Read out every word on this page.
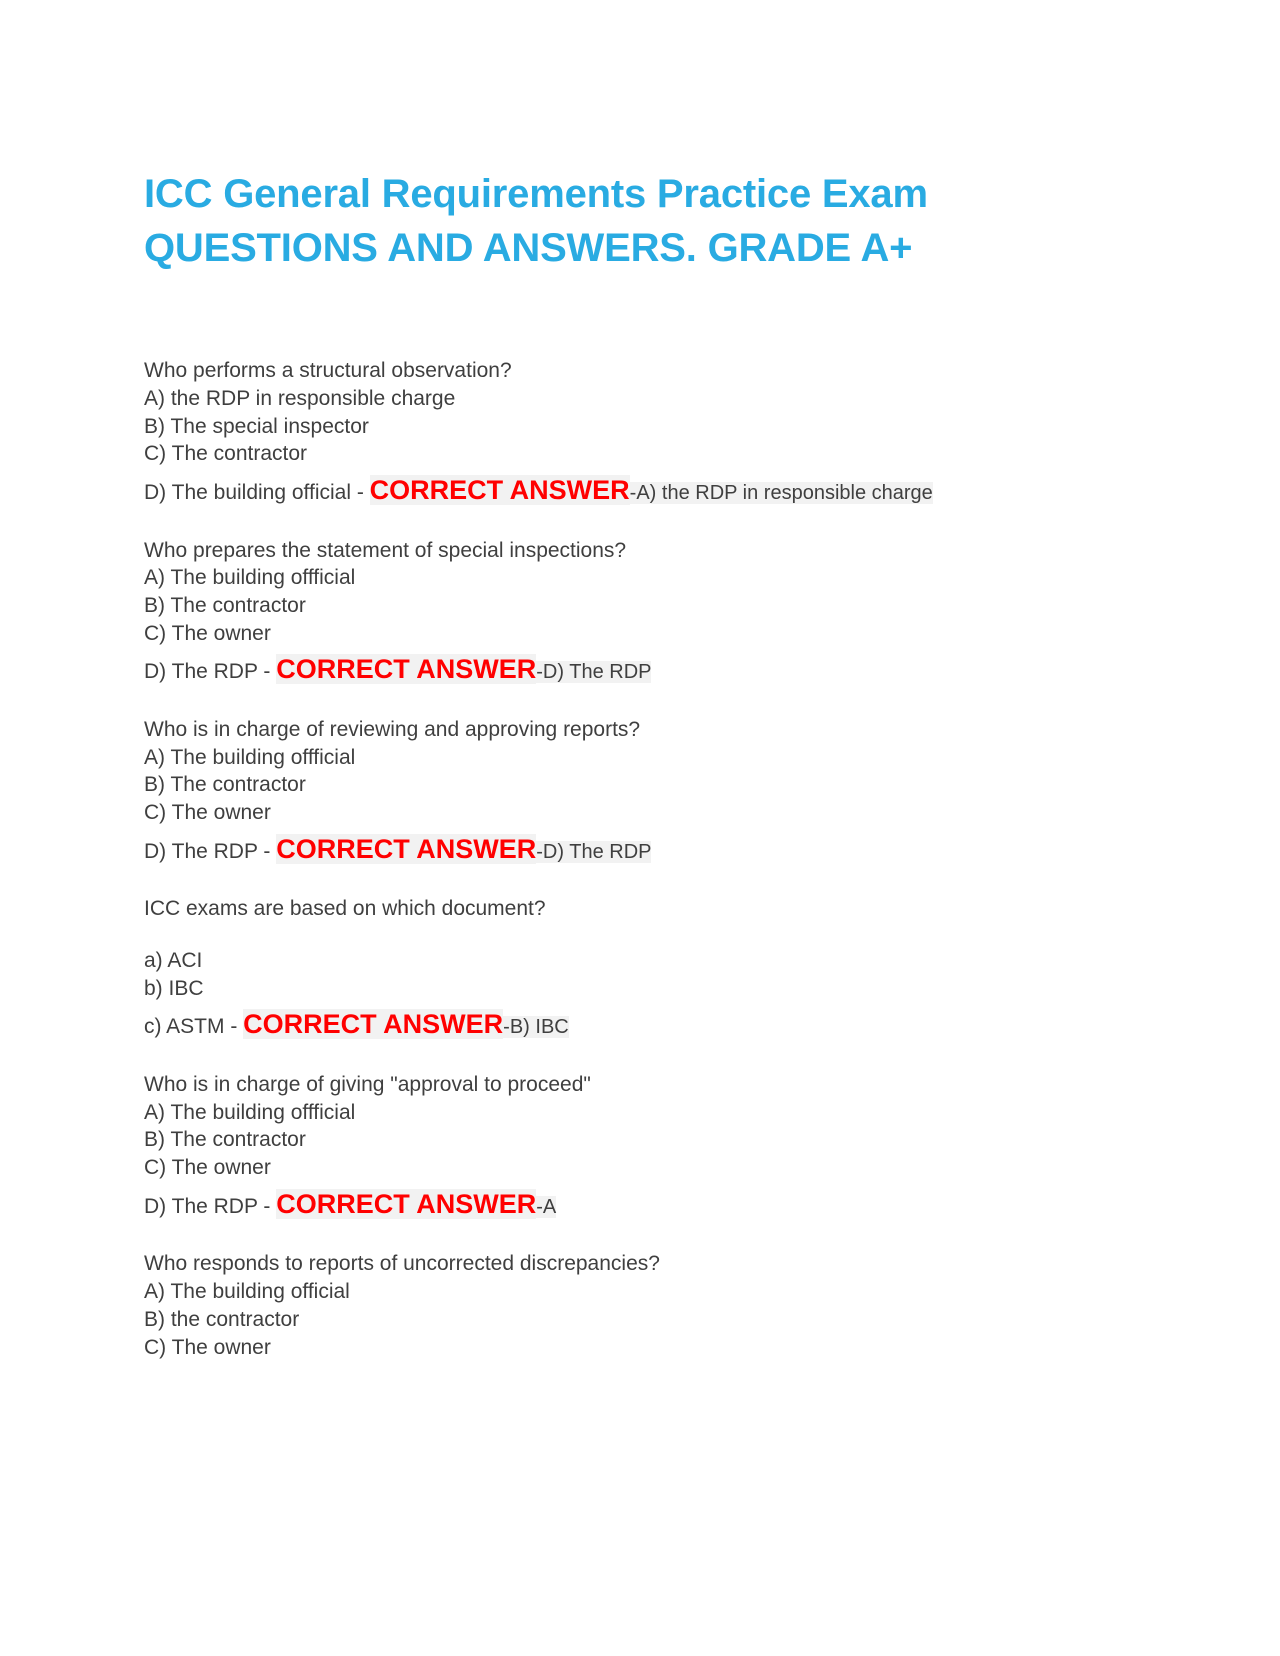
ICC General Requirements Practice Exam QUESTIONS AND ANSWERS. GRADE A+
Who performs a structural observation?
A) the RDP in responsible charge
B) The special inspector
C) The contractor
D) The building official - CORRECT ANSWER-A) the RDP in responsible charge
Who prepares the statement of special inspections?
A) The building offficial
B) The contractor
C) The owner
D) The RDP - CORRECT ANSWER-D) The RDP
Who is in charge of reviewing and approving reports?
A) The building offficial
B) The contractor
C) The owner
D) The RDP - CORRECT ANSWER-D) The RDP
ICC exams are based on which document?
a) ACI
b) IBC
c) ASTM - CORRECT ANSWER-B) IBC
Who is in charge of giving "approval to proceed"
A) The building offficial
B) The contractor
C) The owner
D) The RDP - CORRECT ANSWER-A
Who responds to reports of uncorrected discrepancies?
A) The building official
B) the contractor
C) The owner
